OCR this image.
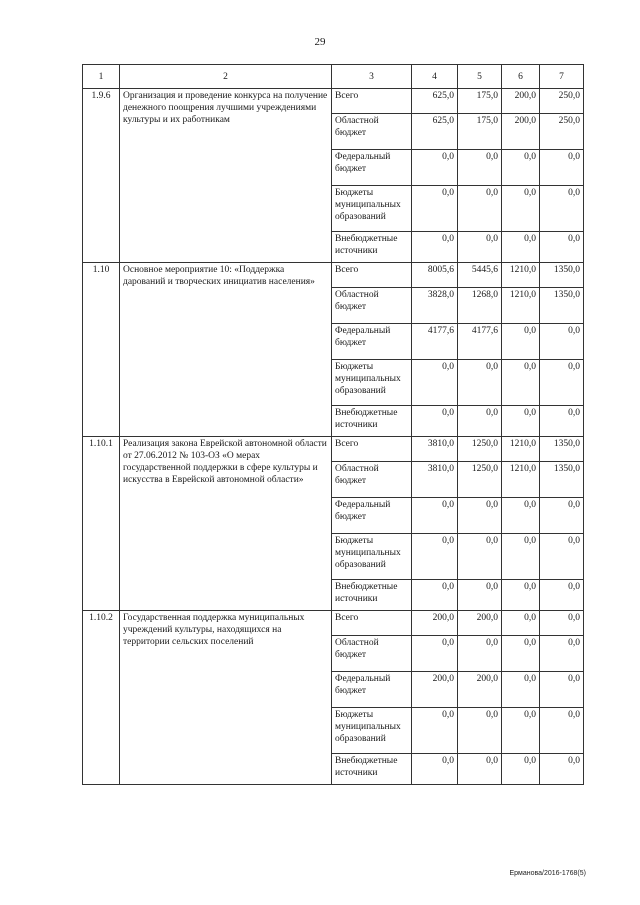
29
1	2	3	4	5	6	7
1.9.6	Организация и проведение конкурса на получение денежного поощрения лучшими учреждениями культуры и их работникам	Всего	625,0	175,0	200,0	250,0
		Областной бюджет	625,0	175,0	200,0	250,0
		Федеральный бюджет	0,0	0,0	0,0	0,0
		Бюджеты муниципальных образований	0,0	0,0	0,0	0,0
		Внебюджетные источники	0,0	0,0	0,0	0,0
1.10	Основное мероприятие 10: «Поддержка дарований и творческих инициатив населения»	Всего	8005,6	5445,6	1210,0	1350,0
		Областной бюджет	3828,0	1268,0	1210,0	1350,0
		Федеральный бюджет	4177,6	4177,6	0,0	0,0
		Бюджеты муниципальных образований	0,0	0,0	0,0	0,0
		Внебюджетные источники	0,0	0,0	0,0	0,0
1.10.1	Реализация закона Еврейской автономной области от 27.06.2012 № 103-ОЗ «О мерах государственной поддержки в сфере культуры и искусства в Еврейской автономной области»	Всего	3810,0	1250,0	1210,0	1350,0
		Областной бюджет	3810,0	1250,0	1210,0	1350,0
		Федеральный бюджет	0,0	0,0	0,0	0,0
		Бюджеты муниципальных образований	0,0	0,0	0,0	0,0
		Внебюджетные источники	0,0	0,0	0,0	0,0
1.10.2	Государственная поддержка муниципальных учреждений культуры, находящихся на территории сельских поселений	Всего	200,0	200,0	0,0	0,0
		Областной бюджет	0,0	0,0	0,0	0,0
		Федеральный бюджет	200,0	200,0	0,0	0,0
		Бюджеты муниципальных образований	0,0	0,0	0,0	0,0
		Внебюджетные источники	0,0	0,0	0,0	0,0
Ерманова/2016-1768(5)
